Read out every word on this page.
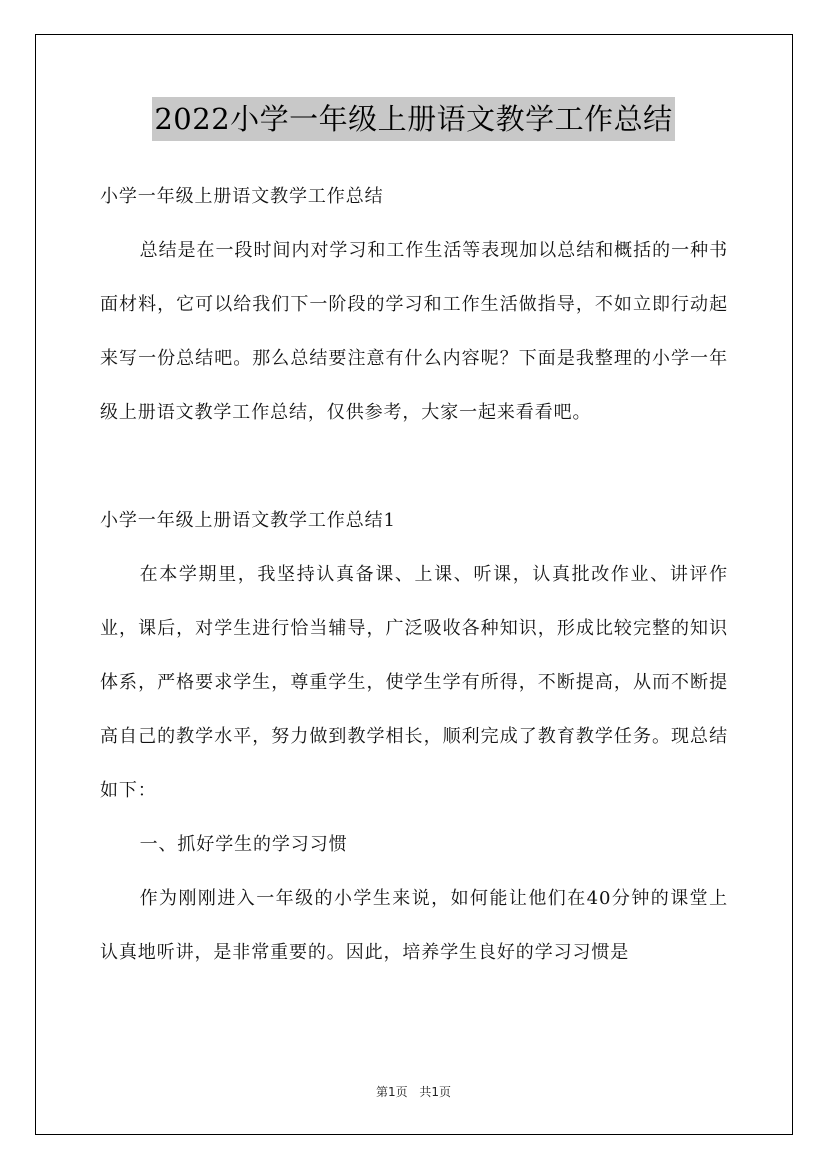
2022小学一年级上册语文教学工作总结

小学一年级上册语文教学工作总结

总结是在一段时间内对学习和工作生活等表现加以总结和概括的一种书面材料，它可以给我们下一阶段的学习和工作生活做指导，不如立即行动起来写一份总结吧。那么总结要注意有什么内容呢？下面是我整理的小学一年级上册语文教学工作总结，仅供参考，大家一起来看看吧。

小学一年级上册语文教学工作总结1

在本学期里，我坚持认真备课、上课、听课，认真批改作业、讲评作业，课后，对学生进行恰当辅导，广泛吸收各种知识，形成比较完整的知识体系，严格要求学生，尊重学生，使学生学有所得，不断提高，从而不断提高自己的教学水平，努力做到教学相长，顺利完成了教育教学任务。现总结如下：

一、抓好学生的学习习惯

作为刚刚进入一年级的小学生来说，如何能让他们在40分钟的课堂上认真地听讲，是非常重要的。因此，培养学生良好的学习习惯是

第1页 共1页
